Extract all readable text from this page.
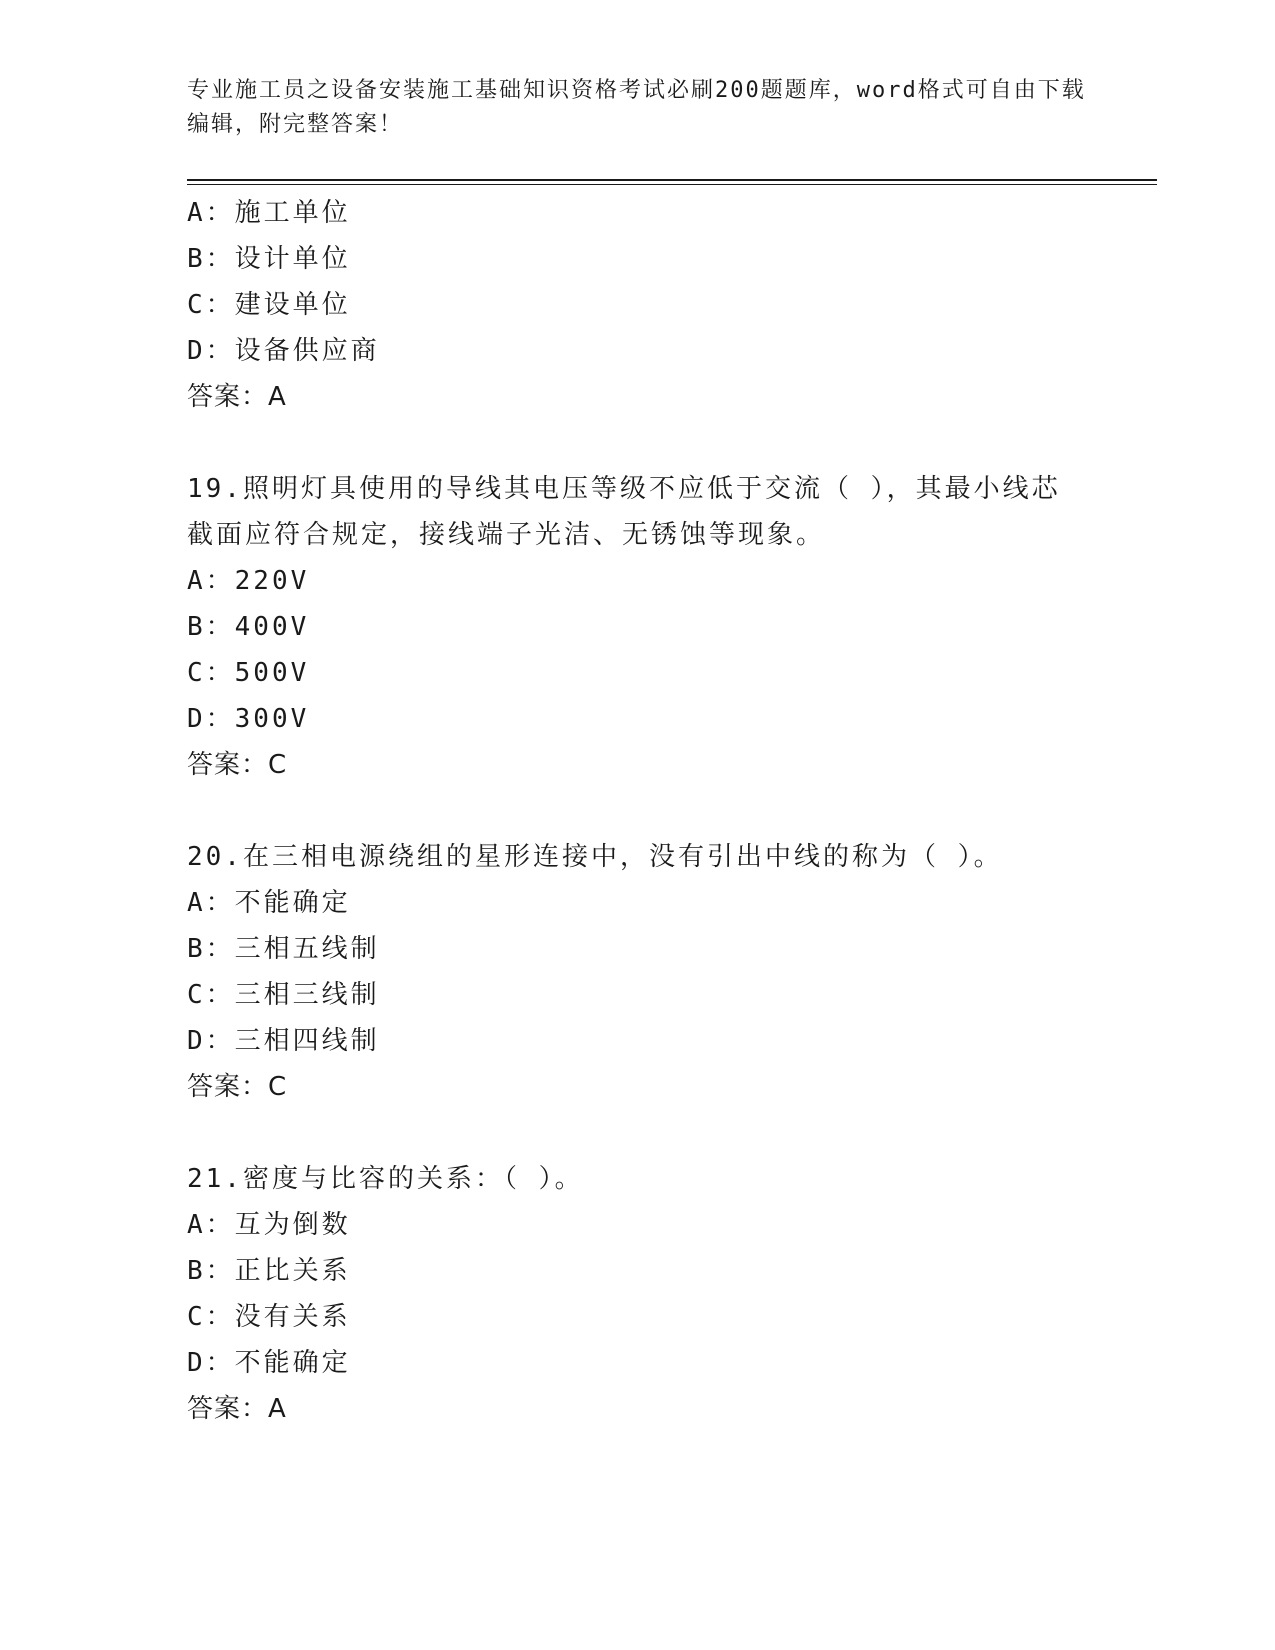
专业施工员之设备安装施工基础知识资格考试必刷200题题库，word格式可自由下载编辑，附完整答案！
A：施工单位
B：设计单位
C：建设单位
D：设备供应商
答案：A
19.照明灯具使用的导线其电压等级不应低于交流（ ），其最小线芯截面应符合规定，接线端子光洁、无锈蚀等现象。
A：220V
B：400V
C：500V
D：300V
答案：C
20.在三相电源绕组的星形连接中，没有引出中线的称为（ ）。
A：不能确定
B：三相五线制
C：三相三线制
D：三相四线制
答案：C
21.密度与比容的关系：（ ）。
A：互为倒数
B：正比关系
C：没有关系
D：不能确定
答案：A
